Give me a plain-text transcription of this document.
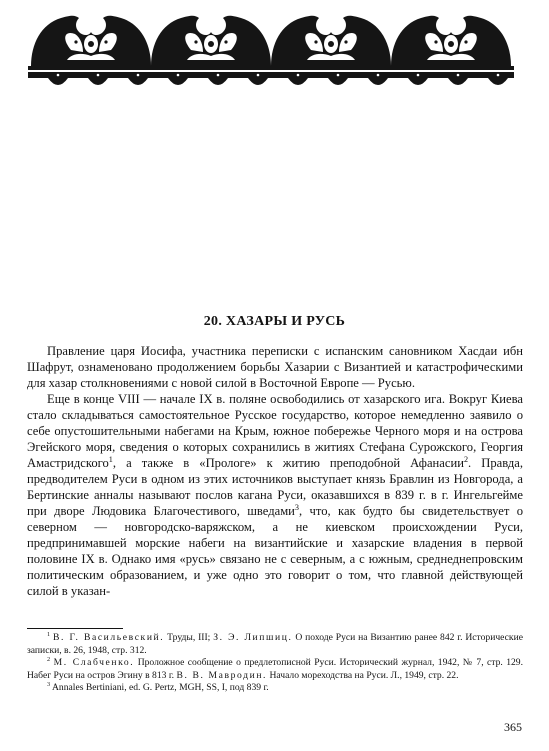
20. ХАЗАРЫ И РУСЬ

Правление царя Иосифа, участника переписки с испанским сановником Хасдаи ибн Шафрут, ознаменовано продолжением борьбы Хазарии с Византией и катастрофическими для хазар столкновениями с новой силой в Восточной Европе — Русью.

Еще в конце VIII — начале IX в. поляне освободились от хазарского ига. Вокруг Киева стало складываться самостоятельное Русское государство, которое немедленно заявило о себе опустошительными набегами на Крым, южное побережье Черного моря и на острова Эгейского моря, сведения о которых сохранились в житиях Стефана Сурожского, Георгия Амастридского$^1$, а также в «Прологе» к житию преподобной Афанасии$^2$. Правда, предводителем Руси в одном из этих источников выступает князь Бравлин из Новгорода, а Бертинские анналы называют послов кагана Руси, оказавшихся в 839 г. в г. Ингельгейме при дворе Людовика Благочестивого, шведами$^3$, что, как будто бы свидетельствует о северном — новгородско-варяжском, а не киевском происхождении Руси, предпринимавшей морские набеги на византийские и хазарские владения в первой половине IX в. Однако имя «русь» связано не с северным, а с южным, среднеднепровским политическим образованием, и уже одно это говорит о том, что главной действующей силой в указан-

$^1$ В. Г. Васильевский. Труды, III; З. Э. Липшиц. О походе Руси на Византию ранее 842 г. Исторические записки, в. 26, 1948, стр. 312.

$^2$ М. Слабченко. Проложное сообщение о предлетописной Руси. Исторический журнал, 1942, № 7, стр. 129. Набег Руси на остров Эгину в 813 г. В. В. Мавродин. Начало мореходства на Руси. Л., 1949, стр. 22.

$^3$ Annales Bertiniani, ed. G. Pertz, MGH, SS, I, под 839 г.

365
